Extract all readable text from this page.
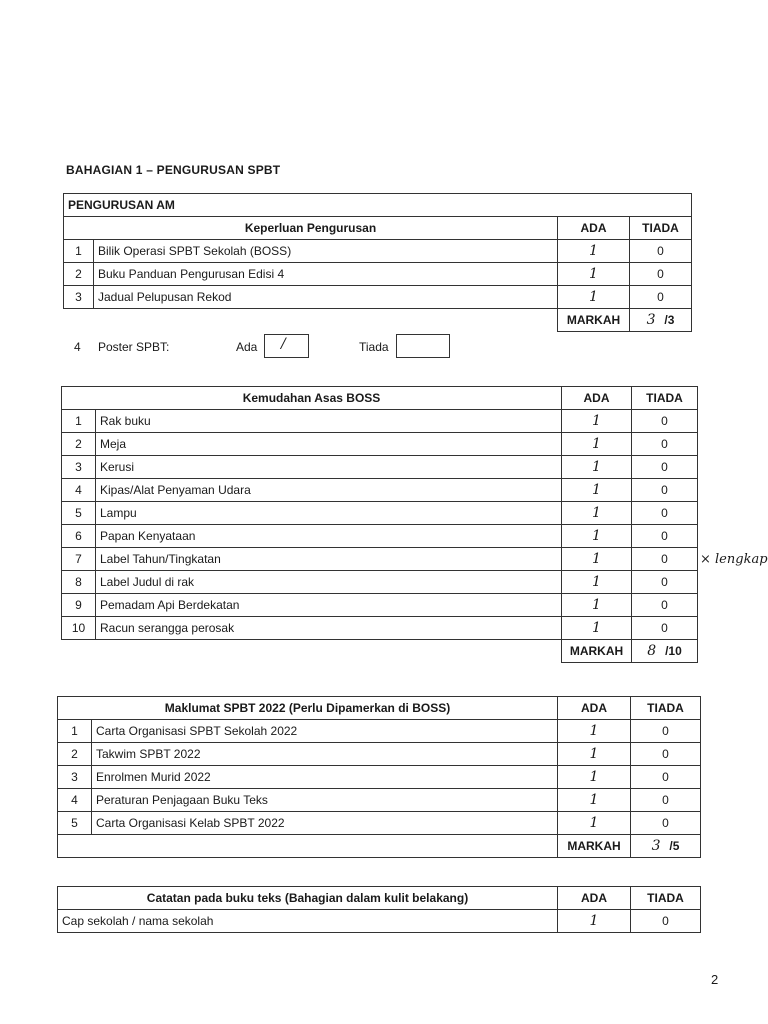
BAHAGIAN 1 – PENGURUSAN SPBT
PENGURUSAN AM			
Keperluan Pengurusan		ADA	TIADA
1	Bilik Operasi SPBT Sekolah (BOSS)	1	0
2	Buku Panduan Pengurusan Edisi 4	1	0
3	Jadual Pelupusan Rekod	1	0
		MARKAH	3 /3
4 Poster SPBT:	Ada /	Tiada
Kemudahan Asas BOSS		ADA	TIADA
1	Rak buku	1	0
2	Meja	1	0
3	Kerusi	1	0
4	Kipas/Alat Penyaman Udara	1	0
5	Lampu	1	0
6	Papan Kenyataan	1	0
7	Label Tahun/Tingkatan	1	0
8	Label Judul di rak	1	0
9	Pemadam Api Berdekatan	1	0
10	Racun serangga perosak	1	0
		MARKAH	8 /10
× lengkap
Maklumat SPBT 2022 (Perlu Dipamerkan di BOSS)		ADA	TIADA
1	Carta Organisasi SPBT Sekolah 2022	1	0
2	Takwim SPBT 2022	1	0
3	Enrolmen Murid 2022	1	0
4	Peraturan Penjagaan Buku Teks	1	0
5	Carta Organisasi Kelab SPBT 2022	1	0
		MARKAH	3 /5
Catatan pada buku teks (Bahagian dalam kulit belakang)	ADA	TIADA
Cap sekolah / nama sekolah	1	0
2
